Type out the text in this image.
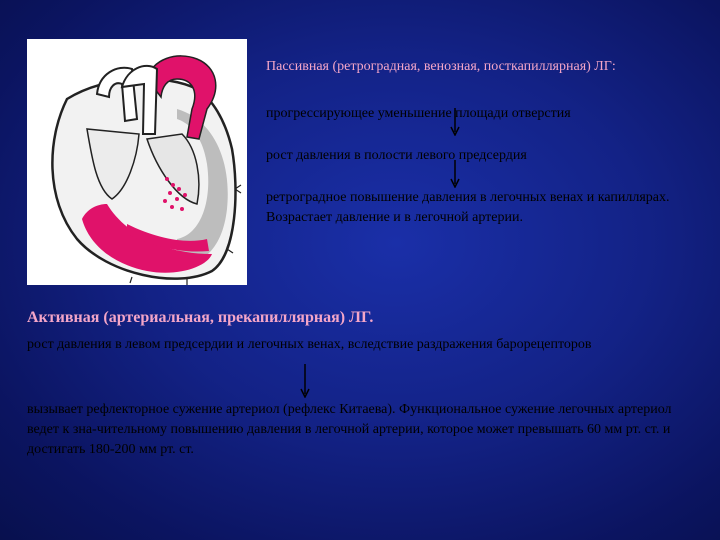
Пассивная (ретроградная, венозная, посткапиллярная) ЛГ:
прогрессирующее уменьшение площади отверстия
рост давления в полости левого предсердия
ретроградное повышение давления в легочных венах и капиллярах. Возрастает давление и в легочной артерии.
Активная (артериальная, прекапиллярная) ЛГ.
рост давления в левом предсердии и легочных венах, вследствие раздражения барорецепторов
вызывает рефлекторное сужение артериол (рефлекс Китаева). Функциональное сужение легочных артериол ведет к зна-чительному повышению давления в легочной артерии, которое может превышать 60 мм рт. ст. и достигать 180-200 мм рт. ст.
